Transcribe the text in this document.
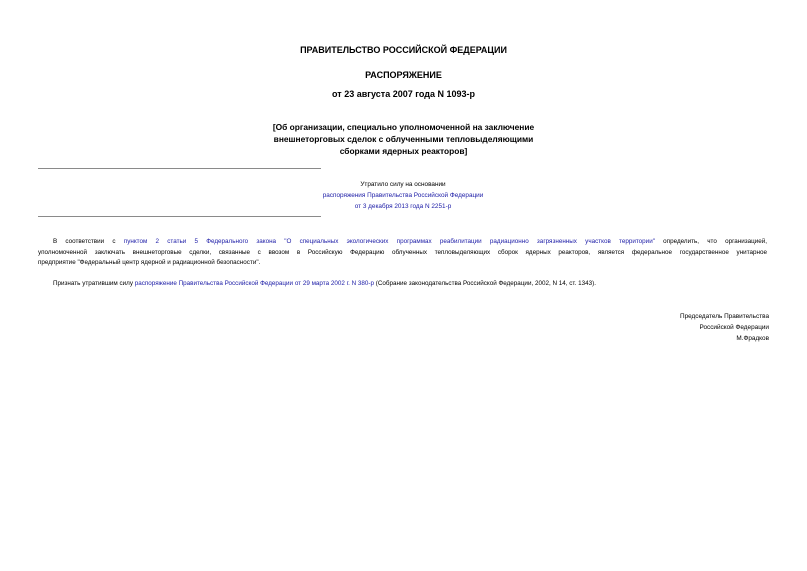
ПРАВИТЕЛЬСТВО РОССИЙСКОЙ ФЕДЕРАЦИИ
РАСПОРЯЖЕНИЕ
от 23 августа 2007 года N 1093-р
[Об организации, специально уполномоченной на заключение
внешнеторговых сделок с облученными тепловыделяющими
сборками ядерных реакторов]
Утратило силу на основании
распоряжения Правительства Российской Федерации
от 3 декабря 2013 года N 2251-р
В соответствии с пунктом 2 статьи 5 Федерального закона "О специальных экологических программах реабилитации радиационно загрязненных участков территории" определить, что организацией,
уполномоченной заключать внешнеторговые сделки, связанные с ввозом в Российскую Федерацию облученных тепловыделяющих сборок ядерных реакторов, является федеральное государственное унитарное
предприятие "Федеральный центр ядерной и радиационной безопасности".
Признать утратившим силу распоряжение Правительства Российской Федерации от 29 марта 2002 г. N 380-р (Собрание законодательства Российской Федерации, 2002, N 14, ст. 1343).
Председатель Правительства
Российской Федерации
М.Фрадков
